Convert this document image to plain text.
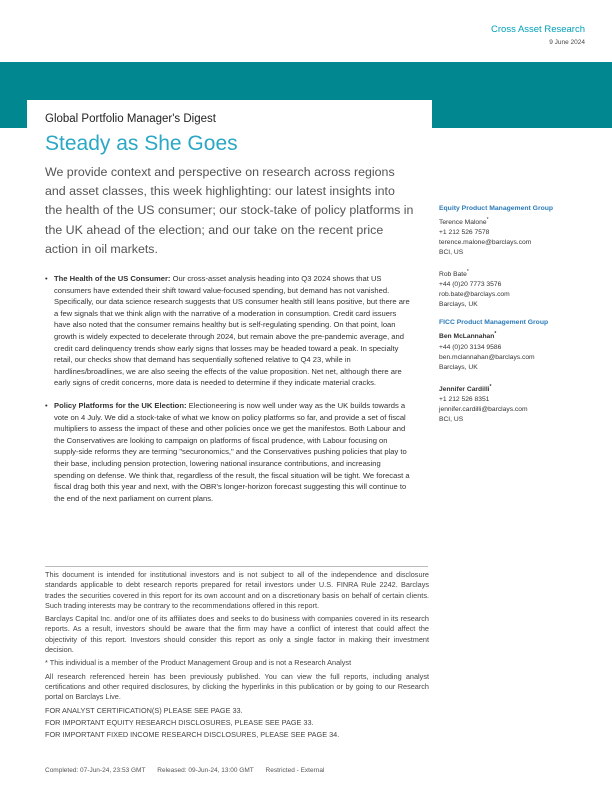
Cross Asset Research
9 June 2024
Global Portfolio Manager's Digest
Steady as She Goes
We provide context and perspective on research across regions and asset classes, this week highlighting: our latest insights into the health of the US consumer; our stock-take of policy platforms in the UK ahead of the election; and our take on the recent price action in oil markets.
FOCUS
• The Health of the US Consumer: Our cross-asset analysis heading into Q3 2024 shows that US consumers have extended their shift toward value-focused spending, but demand has not vanished. Specifically, our data science research suggests that US consumer health still leans positive, but there are a few signals that we think align with the narrative of a moderation in consumption. Credit card issuers have also noted that the consumer remains healthy but is self-regulating spending. On that point, loan growth is widely expected to decelerate through 2024, but remain above the pre-pandemic average, and credit card delinquency trends show early signs that losses may be headed toward a peak. In specialty retail, our checks show that demand has sequentially softened relative to Q4 23, while in hardlines/broadlines, we are also seeing the effects of the value proposition. Net net, although there are early signs of credit concerns, more data is needed to determine if they indicate material cracks.
• Policy Platforms for the UK Election: Electioneering is now well under way as the UK builds towards a vote on 4 July. We did a stock-take of what we know on policy platforms so far, and provide a set of fiscal multipliers to assess the impact of these and other policies once we get the manifestos. Both Labour and the Conservatives are looking to campaign on platforms of fiscal prudence, with Labour focusing on supply-side reforms they are terming "securonomics," and the Conservatives pushing policies that play to their base, including pension protection, lowering national insurance contributions, and increasing spending on defense. We think that, regardless of the result, the fiscal situation will be tight. We forecast a fiscal drag both this year and next, with the OBR's longer-horizon forecast suggesting this will continue to the end of the next parliament on current plans.
Equity Product Management Group
Terence Malone*
+1 212 526 7578
terence.malone@barclays.com
BCI, US
Rob Bate*
+44 (0)20 7773 3576
rob.bate@barclays.com
Barclays, UK
FICC Product Management Group
Ben McLannahan*
+44 (0)20 3134 9586
ben.mclannahan@barclays.com
Barclays, UK
Jennifer Cardilli*
+1 212 526 8351
jennifer.cardilli@barclays.com
BCI, US

This document is intended for institutional investors and is not subject to all of the independence and disclosure standards applicable to debt research reports prepared for retail investors under U.S. FINRA Rule 2242. Barclays trades the securities covered in this report for its own account and on a discretionary basis on behalf of certain clients. Such trading interests may be contrary to the recommendations offered in this report.

Barclays Capital Inc. and/or one of its affiliates does and seeks to do business with companies covered in its research reports. As a result, investors should be aware that the firm may have a conflict of interest that could affect the objectivity of this report. Investors should consider this report as only a single factor in making their investment decision.

* This individual is a member of the Product Management Group and is not a Research Analyst

All research referenced herein has been previously published. You can view the full reports, including analyst certifications and other required disclosures, by clicking the hyperlinks in this publication or by going to our Research portal on Barclays Live.

FOR ANALYST CERTIFICATION(S) PLEASE SEE PAGE 33.

FOR IMPORTANT EQUITY RESEARCH DISCLOSURES, PLEASE SEE PAGE 33.

FOR IMPORTANT FIXED INCOME RESEARCH DISCLOSURES, PLEASE SEE PAGE 34.

Completed: 07-Jun-24, 23:53 GMT Released: 09-Jun-24, 13:00 GMT Restricted - External
